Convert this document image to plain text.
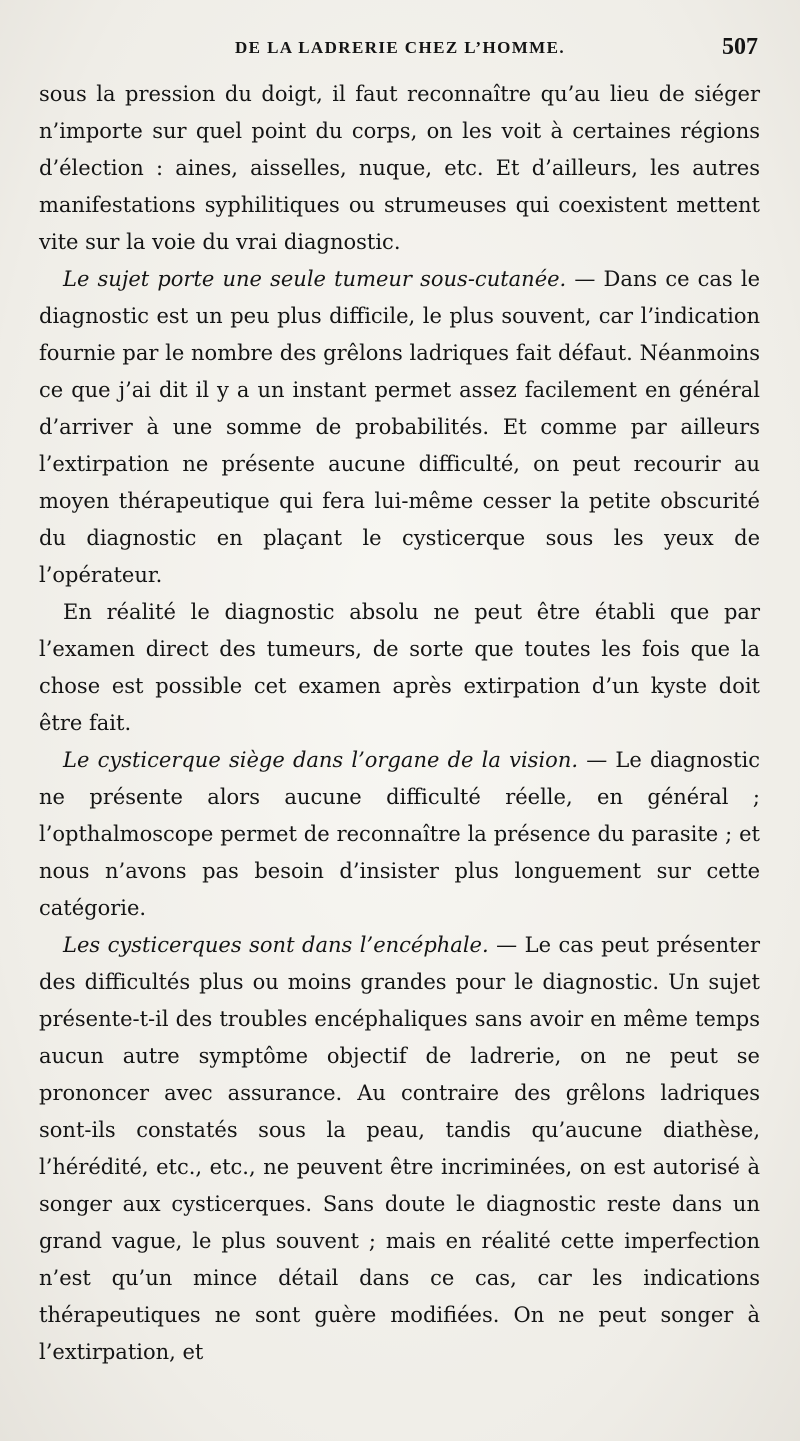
DE LA LADRERIE CHEZ L’HOMME.	507

sous la pression du doigt, il faut reconnaître qu’au lieu de siéger n’importe sur quel point du corps, on les voit à certaines régions d’élection : aines, aisselles, nuque, etc. Et d’ailleurs, les autres manifestations syphilitiques ou strumeuses qui coexistent mettent vite sur la voie du vrai diagnostic.

Le sujet porte une seule tumeur sous-cutanée. — Dans ce cas le diagnostic est un peu plus difficile, le plus souvent, car l’indication fournie par le nombre des grêlons ladriques fait défaut. Néanmoins ce que j’ai dit il y a un instant permet assez facilement en général d’arriver à une somme de probabilités. Et comme par ailleurs l’extirpation ne présente aucune difficulté, on peut recourir au moyen thérapeutique qui fera lui-même cesser la petite obscurité du diagnostic en plaçant le cysticerque sous les yeux de l’opérateur.

En réalité le diagnostic absolu ne peut être établi que par l’examen direct des tumeurs, de sorte que toutes les fois que la chose est possible cet examen après extirpation d’un kyste doit être fait.

Le cysticerque siège dans l’organe de la vision. — Le diagnostic ne présente alors aucune difficulté réelle, en général ; l’opthalmoscope permet de reconnaître la présence du parasite ; et nous n’avons pas besoin d’insister plus longuement sur cette catégorie.

Les cysticerques sont dans l’encéphale. — Le cas peut présenter des difficultés plus ou moins grandes pour le diagnostic. Un sujet présente-t-il des troubles encéphaliques sans avoir en même temps aucun autre symptôme objectif de ladrerie, on ne peut se prononcer avec assurance. Au contraire des grêlons ladriques sont-ils constatés sous la peau, tandis qu’aucune diathèse, l’hérédité, etc., etc., ne peuvent être incriminées, on est autorisé à songer aux cysticerques. Sans doute le diagnostic reste dans un grand vague, le plus souvent ; mais en réalité cette imperfection n’est qu’un mince détail dans ce cas, car les indications thérapeutiques ne sont guère modifiées. On ne peut songer à l’extirpation, et
